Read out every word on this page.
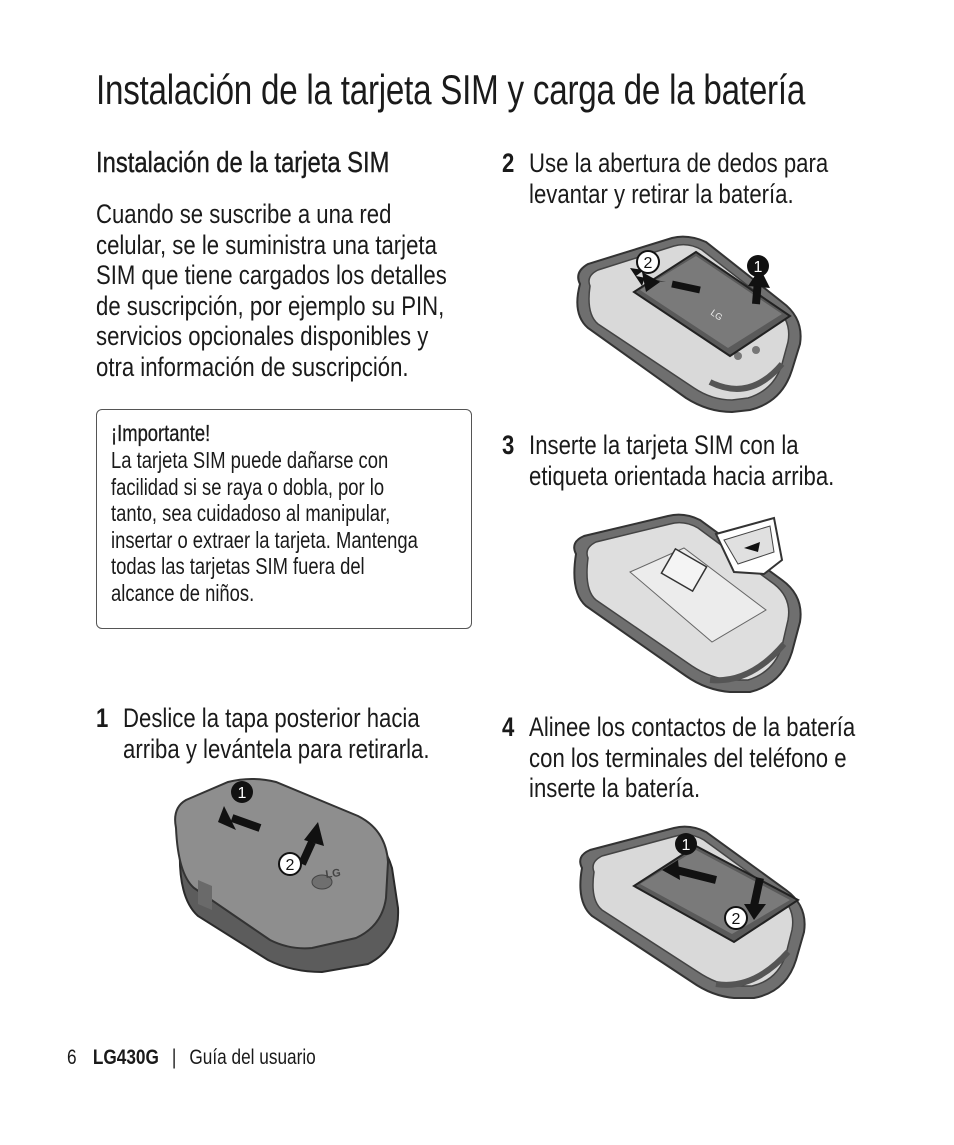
Instalación de la tarjeta SIM y carga de la batería
Instalación de la tarjeta SIM
Cuando se suscribe a una red
celular, se le suministra una tarjeta
SIM que tiene cargados los detalles
de suscripción, por ejemplo su PIN,
servicios opcionales disponibles y
otra información de suscripción.
¡Importante!
La tarjeta SIM puede dañarse con
facilidad si se raya o dobla, por lo
tanto, sea cuidadoso al manipular,
insertar o extraer la tarjeta. Mantenga
todas las tarjetas SIM fuera del
alcance de niños.
1 Deslice la tapa posterior hacia
arriba y levántela para retirarla.
2 Use la abertura de dedos para
levantar y retirar la batería.
3 Inserte la tarjeta SIM con la
etiqueta orientada hacia arriba.
4 Alinee los contactos de la batería
con los terminales del teléfono e
inserte la batería.
LG
2	1
LG
1
2
1
2
6 LG430G | Guía del usuario
